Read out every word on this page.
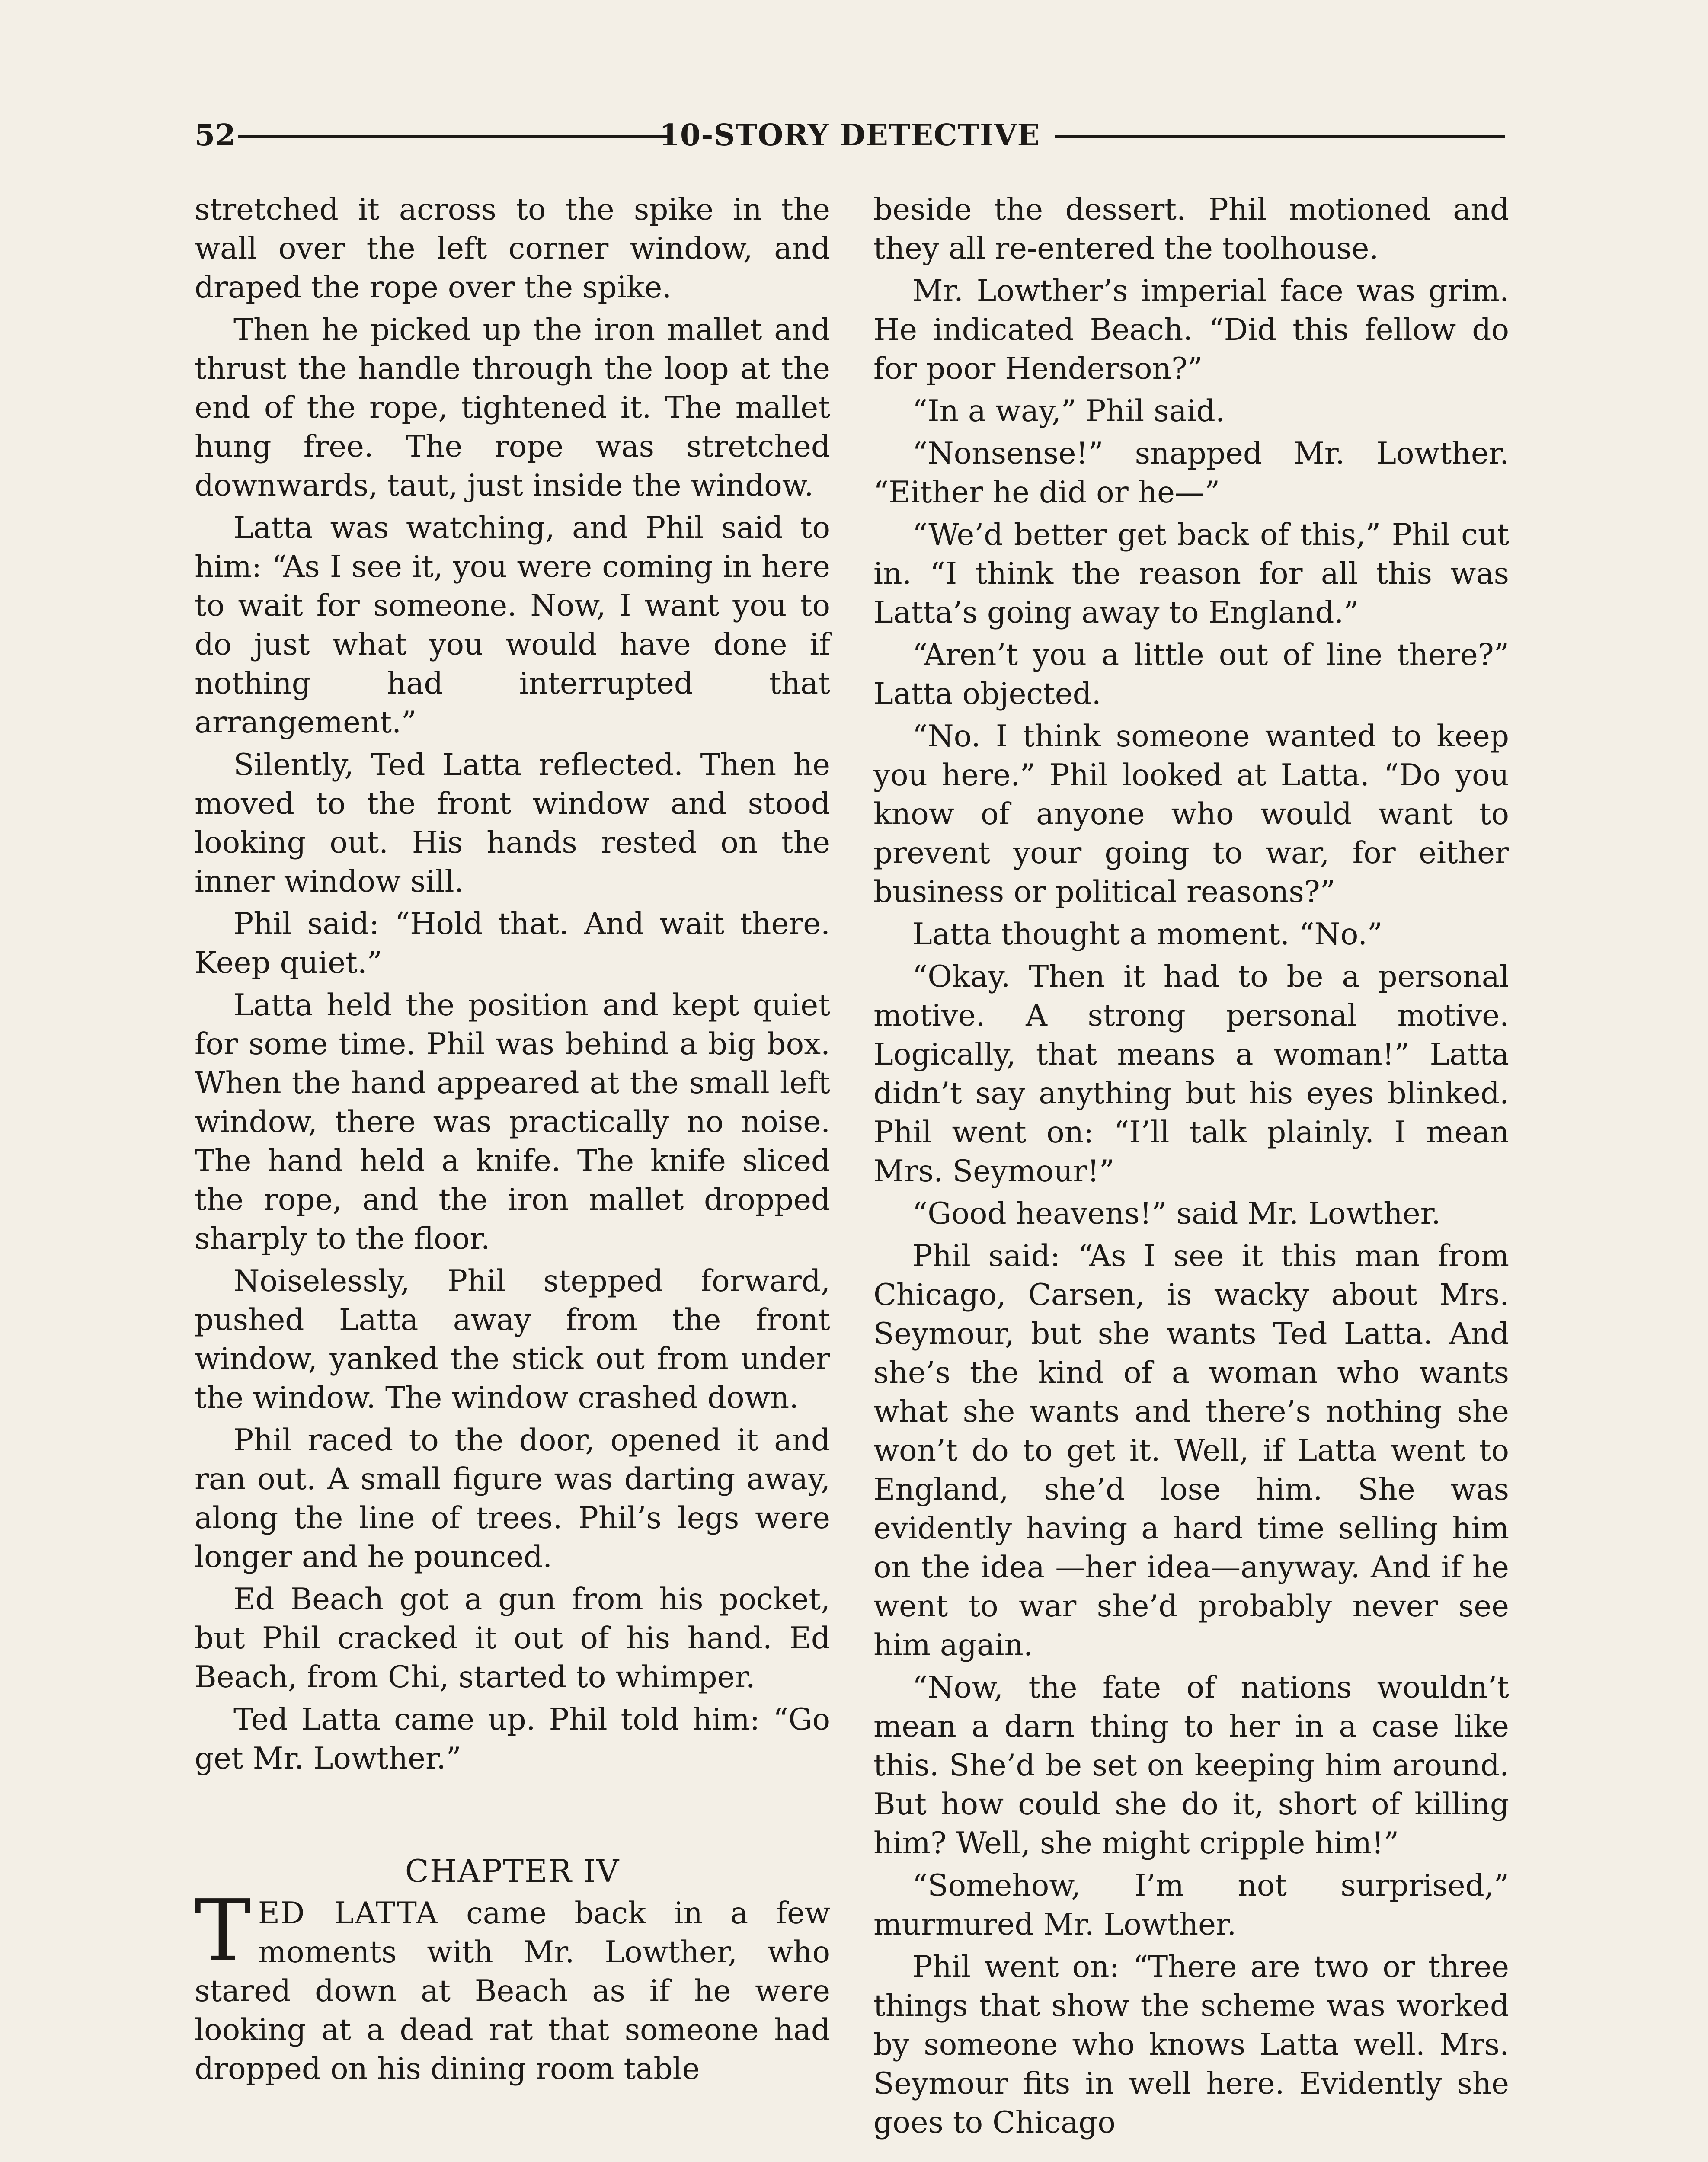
52	10-STORY DETECTIVE

stretched it across to the spike in the wall over the left corner window, and draped the rope over the spike.

Then he picked up the iron mallet and thrust the handle through the loop at the end of the rope, tightened it. The mallet hung free. The rope was stretched downwards, taut, just inside the window.

Latta was watching, and Phil said to him: “As I see it, you were coming in here to wait for someone. Now, I want you to do just what you would have done if nothing had interrupted that arrangement.”

Silently, Ted Latta reflected. Then he moved to the front window and stood looking out. His hands rested on the inner window sill.

Phil said: “Hold that. And wait there. Keep quiet.”

Latta held the position and kept quiet for some time. Phil was behind a big box. When the hand appeared at the small left window, there was practically no noise. The hand held a knife. The knife sliced the rope, and the iron mallet dropped sharply to the floor.

Noiselessly, Phil stepped forward, pushed Latta away from the front window, yanked the stick out from under the window. The window crashed down.

Phil raced to the door, opened it and ran out. A small figure was darting away, along the line of trees. Phil’s legs were longer and he pounced.

Ed Beach got a gun from his pocket, but Phil cracked it out of his hand. Ed Beach, from Chi, started to whimper.

Ted Latta came up. Phil told him: “Go get Mr. Lowther.”

CHAPTER IV

TED LATTA came back in a few moments with Mr. Lowther, who stared down at Beach as if he were looking at a dead rat that someone had dropped on his dining room table

beside the dessert. Phil motioned and they all re-entered the toolhouse.

Mr. Lowther’s imperial face was grim. He indicated Beach. “Did this fellow do for poor Henderson?”

“In a way,” Phil said.

“Nonsense!” snapped Mr. Lowther. “Either he did or he—”

“We’d better get back of this,” Phil cut in. “I think the reason for all this was Latta’s going away to England.”

“Aren’t you a little out of line there?” Latta objected.

“No. I think someone wanted to keep you here.” Phil looked at Latta. “Do you know of anyone who would want to prevent your going to war, for either business or political reasons?”

Latta thought a moment. “No.”

“Okay. Then it had to be a personal motive. A strong personal motive. Logically, that means a woman!” Latta didn’t say anything but his eyes blinked. Phil went on: “I’ll talk plainly. I mean Mrs. Seymour!”

“Good heavens!” said Mr. Lowther.

Phil said: “As I see it this man from Chicago, Carsen, is wacky about Mrs. Seymour, but she wants Ted Latta. And she’s the kind of a woman who wants what she wants and there’s nothing she won’t do to get it. Well, if Latta went to England, she’d lose him. She was evidently having a hard time selling him on the idea —her idea—anyway. And if he went to war she’d probably never see him again.

“Now, the fate of nations wouldn’t mean a darn thing to her in a case like this. She’d be set on keeping him around. But how could she do it, short of killing him? Well, she might cripple him!”

“Somehow, I’m not surprised,” murmured Mr. Lowther.

Phil went on: “There are two or three things that show the scheme was worked by someone who knows Latta well. Mrs. Seymour fits in well here. Evidently she goes to Chicago
